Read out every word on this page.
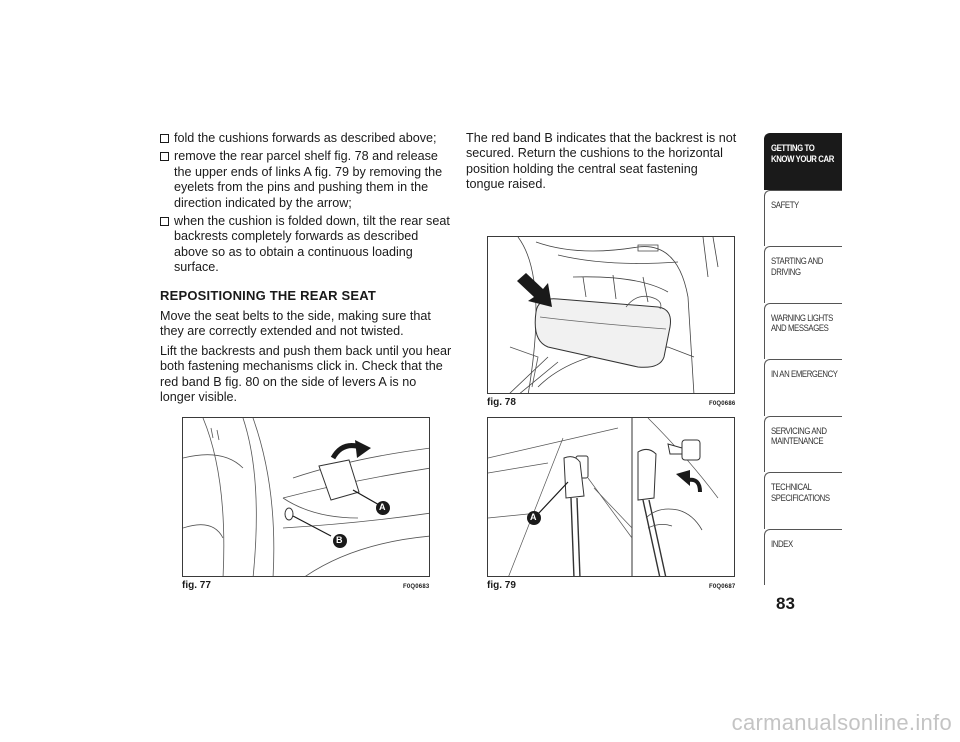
fold the cushions forwards as described above;
remove the rear parcel shelf fig. 78 and release the upper ends of links A fig. 79 by removing the eyelets from the pins and pushing them in the direction indicated by the arrow;
when the cushion is folded down, tilt the rear seat backrests completely forwards as described above so as to obtain a continuous loading surface.
REPOSITIONING THE REAR SEAT
Move the seat belts to the side, making sure that they are correctly extended and not twisted.
Lift the backrests and push them back until you hear both fastening mechanisms click in. Check that the red band B fig. 80 on the side of levers A is no longer visible.
The red band B indicates that the backrest is not secured. Return the cushions to the horizontal position holding the central seat fastening tongue raised.
fig. 78	F0Q0686
A
B
fig. 77	F0Q0683
A
fig. 79	F0Q0687
GETTING TO
KNOW YOUR CAR
SAFETY
STARTING AND
DRIVING
WARNING LIGHTS
AND MESSAGES
IN AN EMERGENCY
SERVICING AND
MAINTENANCE
TECHNICAL
SPECIFICATIONS
INDEX
83
carmanualsonline.info
